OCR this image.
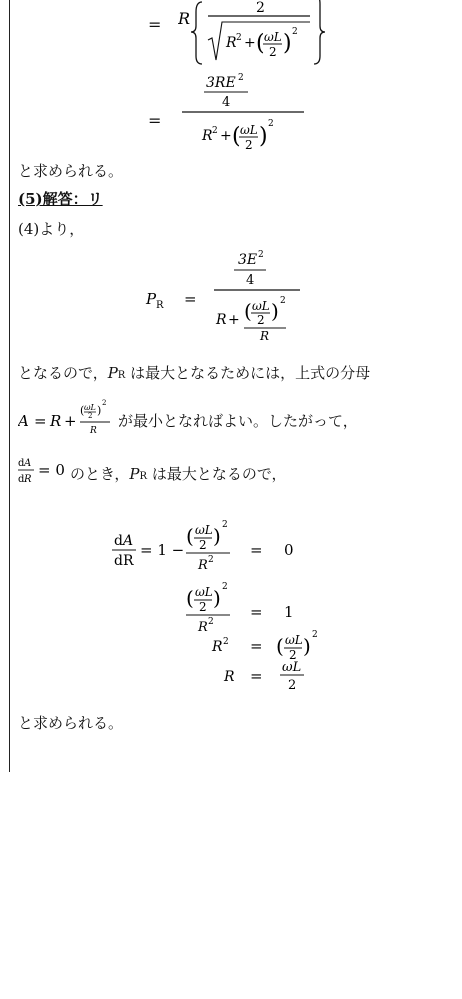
= R
2
R 2 + ( ωL
2 ) 2
=
3RE 2
4
R 2 + ( ωL
2 ) 2
と求められる。
(5)解答：リ
(4)より，
P R =
3E 2
4
R + ( ωL
2 ) 2
R
となるので，PR は最大となるためには，上式の分母
A = R +
( ωL
2 )
2
R
が最小となればよい。したがって，
d A
d R
= 0 のとき，PR は最大となるので，
d A
d R
= 1 −
( ωL
2 ) 2
R 2
= 0
( ωL
2 ) 2
R 2
= 1
R 2 = ( ωL
2 ) 2
R = ωL
2
と求められる。
